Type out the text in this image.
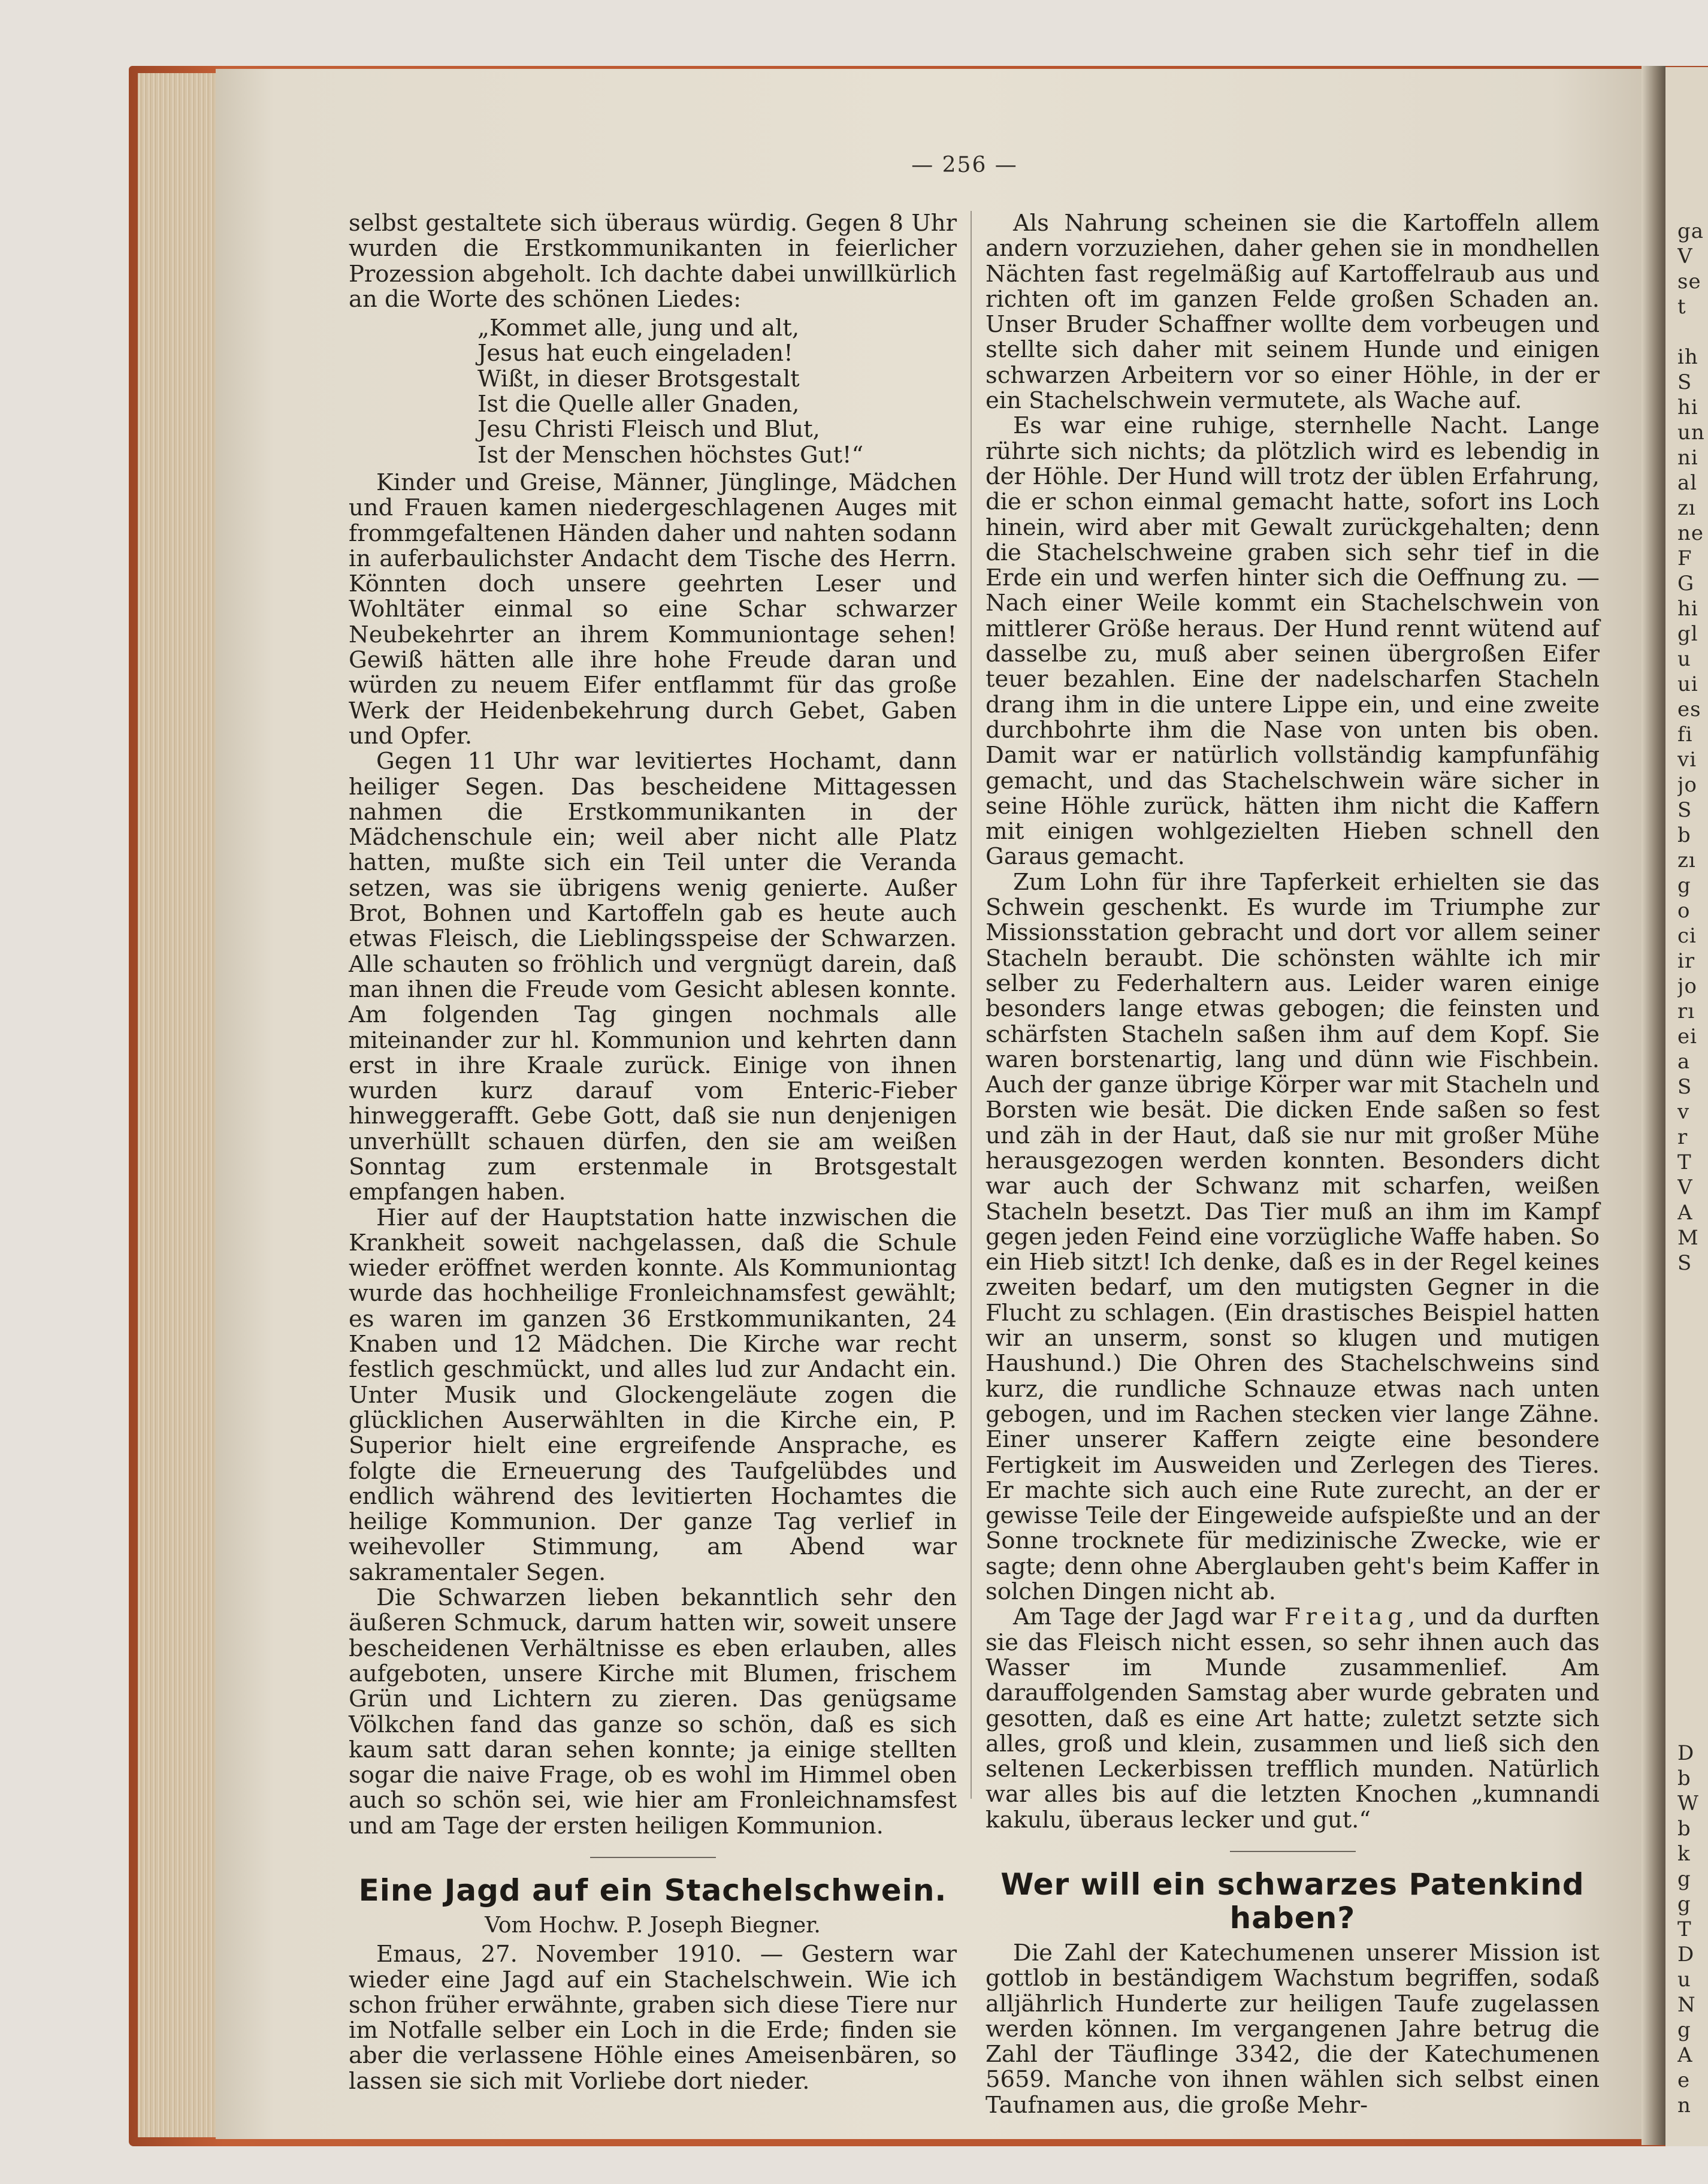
ga
V
se
t

ih
S
hi
un
ni
al
zı
ne
F
G
hi
gl
u
ui
es
fi
vi
jo
S
b
zı
g
o
ci
ir
jo
rı
ei
a
S
v
r
T
V
A
M
S
D
b
W
b
k
g
g
T
D
u
N
g
A
e
n
— 256 —

selbst gestaltete sich überaus würdig. Gegen 8 Uhr wurden die Erstkommunikanten in feierlicher Prozession abgeholt. Ich dachte dabei unwillkürlich an die Worte des schönen Liedes:

„Kommet alle, jung und alt,
Jesus hat euch eingeladen!
Wißt, in dieser Brotsgestalt
Ist die Quelle aller Gnaden,
Jesu Christi Fleisch und Blut,
Ist der Menschen höchstes Gut!“

Kinder und Greise, Männer, Jünglinge, Mädchen und Frauen kamen niedergeschlagenen Auges mit frommgefaltenen Händen daher und nahten sodann in auferbaulichster Andacht dem Tische des Herrn. Könnten doch unsere geehrten Leser und Wohltäter einmal so eine Schar schwarzer Neubekehrter an ihrem Kommuniontage sehen! Gewiß hätten alle ihre hohe Freude daran und würden zu neuem Eifer entflammt für das große Werk der Heidenbekehrung durch Gebet, Gaben und Opfer.

Gegen 11 Uhr war levitiertes Hochamt, dann heiliger Segen. Das bescheidene Mittagessen nahmen die Erstkommunikanten in der Mädchenschule ein; weil aber nicht alle Platz hatten, mußte sich ein Teil unter die Veranda setzen, was sie übrigens wenig genierte. Außer Brot, Bohnen und Kartoffeln gab es heute auch etwas Fleisch, die Lieblingsspeise der Schwarzen. Alle schauten so fröhlich und vergnügt darein, daß man ihnen die Freude vom Gesicht ablesen konnte. Am folgenden Tag gingen nochmals alle miteinander zur hl. Kommunion und kehrten dann erst in ihre Kraale zurück. Einige von ihnen wurden kurz darauf vom Enteric-Fieber hinweggerafft. Gebe Gott, daß sie nun denjenigen unverhüllt schauen dürfen, den sie am weißen Sonntag zum erstenmale in Brotsgestalt empfangen haben.

Hier auf der Hauptstation hatte inzwischen die Krankheit soweit nachgelassen, daß die Schule wieder eröffnet werden konnte. Als Kommuniontag wurde das hochheilige Fronleichnamsfest gewählt; es waren im ganzen 36 Erstkommunikanten, 24 Knaben und 12 Mädchen. Die Kirche war recht festlich geschmückt, und alles lud zur Andacht ein. Unter Musik und Glockengeläute zogen die glücklichen Auserwählten in die Kirche ein, P. Superior hielt eine ergreifende Ansprache, es folgte die Erneuerung des Taufgelübdes und endlich während des levitierten Hochamtes die heilige Kommunion. Der ganze Tag verlief in weihevoller Stimmung, am Abend war sakramentaler Segen.

Die Schwarzen lieben bekanntlich sehr den äußeren Schmuck, darum hatten wir, soweit unsere bescheidenen Verhältnisse es eben erlauben, alles aufgeboten, unsere Kirche mit Blumen, frischem Grün und Lichtern zu zieren. Das genügsame Völkchen fand das ganze so schön, daß es sich kaum satt daran sehen konnte; ja einige stellten sogar die naive Frage, ob es wohl im Himmel oben auch so schön sei, wie hier am Fronleichnamsfest und am Tage der ersten heiligen Kommunion.

Eine Jagd auf ein Stachelschwein.
Vom Hochw. P. Joseph Biegner.

Emaus, 27. November 1910. — Gestern war wieder eine Jagd auf ein Stachelschwein. Wie ich schon früher erwähnte, graben sich diese Tiere nur im Notfalle selber ein Loch in die Erde; finden sie aber die verlassene Höhle eines Ameisenbären, so lassen sie sich mit Vorliebe dort nieder.

Als Nahrung scheinen sie die Kartoffeln allem andern vorzuziehen, daher gehen sie in mondhellen Nächten fast regelmäßig auf Kartoffelraub aus und richten oft im ganzen Felde großen Schaden an. Unser Bruder Schaffner wollte dem vorbeugen und stellte sich daher mit seinem Hunde und einigen schwarzen Arbeitern vor so einer Höhle, in der er ein Stachelschwein vermutete, als Wache auf.

Es war eine ruhige, sternhelle Nacht. Lange rührte sich nichts; da plötzlich wird es lebendig in der Höhle. Der Hund will trotz der üblen Erfahrung, die er schon einmal gemacht hatte, sofort ins Loch hinein, wird aber mit Gewalt zurückgehalten; denn die Stachelschweine graben sich sehr tief in die Erde ein und werfen hinter sich die Oeffnung zu. — Nach einer Weile kommt ein Stachelschwein von mittlerer Größe heraus. Der Hund rennt wütend auf dasselbe zu, muß aber seinen übergroßen Eifer teuer bezahlen. Eine der nadelscharfen Stacheln drang ihm in die untere Lippe ein, und eine zweite durchbohrte ihm die Nase von unten bis oben. Damit war er natürlich vollständig kampfunfähig gemacht, und das Stachelschwein wäre sicher in seine Höhle zurück, hätten ihm nicht die Kaffern mit einigen wohlgezielten Hieben schnell den Garaus gemacht.

Zum Lohn für ihre Tapferkeit erhielten sie das Schwein geschenkt. Es wurde im Triumphe zur Missionsstation gebracht und dort vor allem seiner Stacheln beraubt. Die schönsten wählte ich mir selber zu Federhaltern aus. Leider waren einige besonders lange etwas gebogen; die feinsten und schärfsten Stacheln saßen ihm auf dem Kopf. Sie waren borstenartig, lang und dünn wie Fischbein. Auch der ganze übrige Körper war mit Stacheln und Borsten wie besät. Die dicken Ende saßen so fest und zäh in der Haut, daß sie nur mit großer Mühe herausgezogen werden konnten. Besonders dicht war auch der Schwanz mit scharfen, weißen Stacheln besetzt. Das Tier muß an ihm im Kampf gegen jeden Feind eine vorzügliche Waffe haben. So ein Hieb sitzt! Ich denke, daß es in der Regel keines zweiten bedarf, um den mutigsten Gegner in die Flucht zu schlagen. (Ein drastisches Beispiel hatten wir an unserm, sonst so klugen und mutigen Haushund.) Die Ohren des Stachelschweins sind kurz, die rundliche Schnauze etwas nach unten gebogen, und im Rachen stecken vier lange Zähne. Einer unserer Kaffern zeigte eine besondere Fertigkeit im Ausweiden und Zerlegen des Tieres. Er machte sich auch eine Rute zurecht, an der er gewisse Teile der Eingeweide aufspießte und an der Sonne trocknete für medizinische Zwecke, wie er sagte; denn ohne Aberglauben geht's beim Kaffer in solchen Dingen nicht ab.

Am Tage der Jagd war Freitag, und da durften sie das Fleisch nicht essen, so sehr ihnen auch das Wasser im Munde zusammenlief. Am darauffolgenden Samstag aber wurde gebraten und gesotten, daß es eine Art hatte; zuletzt setzte sich alles, groß und klein, zusammen und ließ sich den seltenen Leckerbissen trefflich munden. Natürlich war alles bis auf die letzten Knochen „kumnandi kakulu, überaus lecker und gut.“

Wer will ein schwarzes Patenkind haben?

Die Zahl der Katechumenen unserer Mission ist gottlob in beständigem Wachstum begriffen, sodaß alljährlich Hunderte zur heiligen Taufe zugelassen werden können. Im vergangenen Jahre betrug die Zahl der Täuflinge 3342, die der Katechumenen 5659. Manche von ihnen wählen sich selbst einen Taufnamen aus, die große Mehr-
